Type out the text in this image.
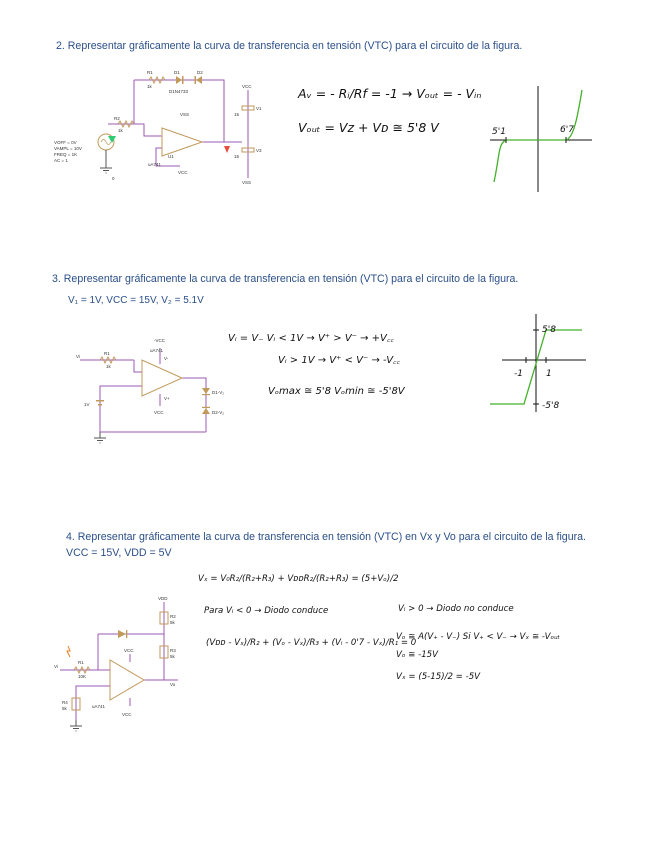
2. Representar gráficamente la curva de transferencia en tensión (VTC) para el circuito de la figura.
R1
1k
D1
D1N4733
D2
R2
1k
VSS
VCC
U1
uA741
VCC
V1
15
V3
15
VSS
VOFF = 0V
VAMPL = 10V
FREQ = 1K
AC = 1
0
Aᵥ = - Rᵢ/Rf = -1 → Vₒᵤₜ = - Vᵢₙ
Vₒᵤₜ = Vᴢ + Vᴅ ≅ 5'8 V	5'1	6'7
3. Representar gráficamente la curva de transferencia en tensión (VTC) para el circuito de la figura.
V₁ = 1V, VCC = 15V, V₂ = 5.1V
-VCC
uA741
R1
1k
Vi
1V
D1-V₂
D2-V₂
VCC
V+
V-
Vᵢ = V₋ Vᵢ < 1V → V⁺ > V⁻ → +V꜀꜀
Vᵢ > 1V → V⁺ < V⁻ → -V꜀꜀
Vₒmax ≅ 5'8 Vₒmin ≅ -5'8V
5'8
-1	1
-5'8
4. Representar gráficamente la curva de transferencia en tensión (VTC) en Vx y Vo para el circuito de la figura. VCC = 15V, VDD = 5V
VDD
R2
5k
R3
5k
VCC
Vi
R1
10K
R4
5k	uA741
VCC
Vo
Vₓ = V₀R₂/(R₂+R₃) + VᴅᴅR₂/(R₂+R₃) = (5+Vₒ)/2
Para Vᵢ < 0 → Diodo conduce	Vᵢ > 0 → Diodo no conduce
(Vᴅᴅ - Vₓ)/R₂ + (Vₒ - Vₓ)/R₃ + (Vᵢ - 0'7 - Vₓ)/R₁ = 0
Vₒ ≅ A(V₊ - V₋) Si V₊ < V₋ → Vₓ ≅ -Vₒᵤₜ
Vₒ ≅ -15V
Vₓ = (5-15)/2 = -5V
